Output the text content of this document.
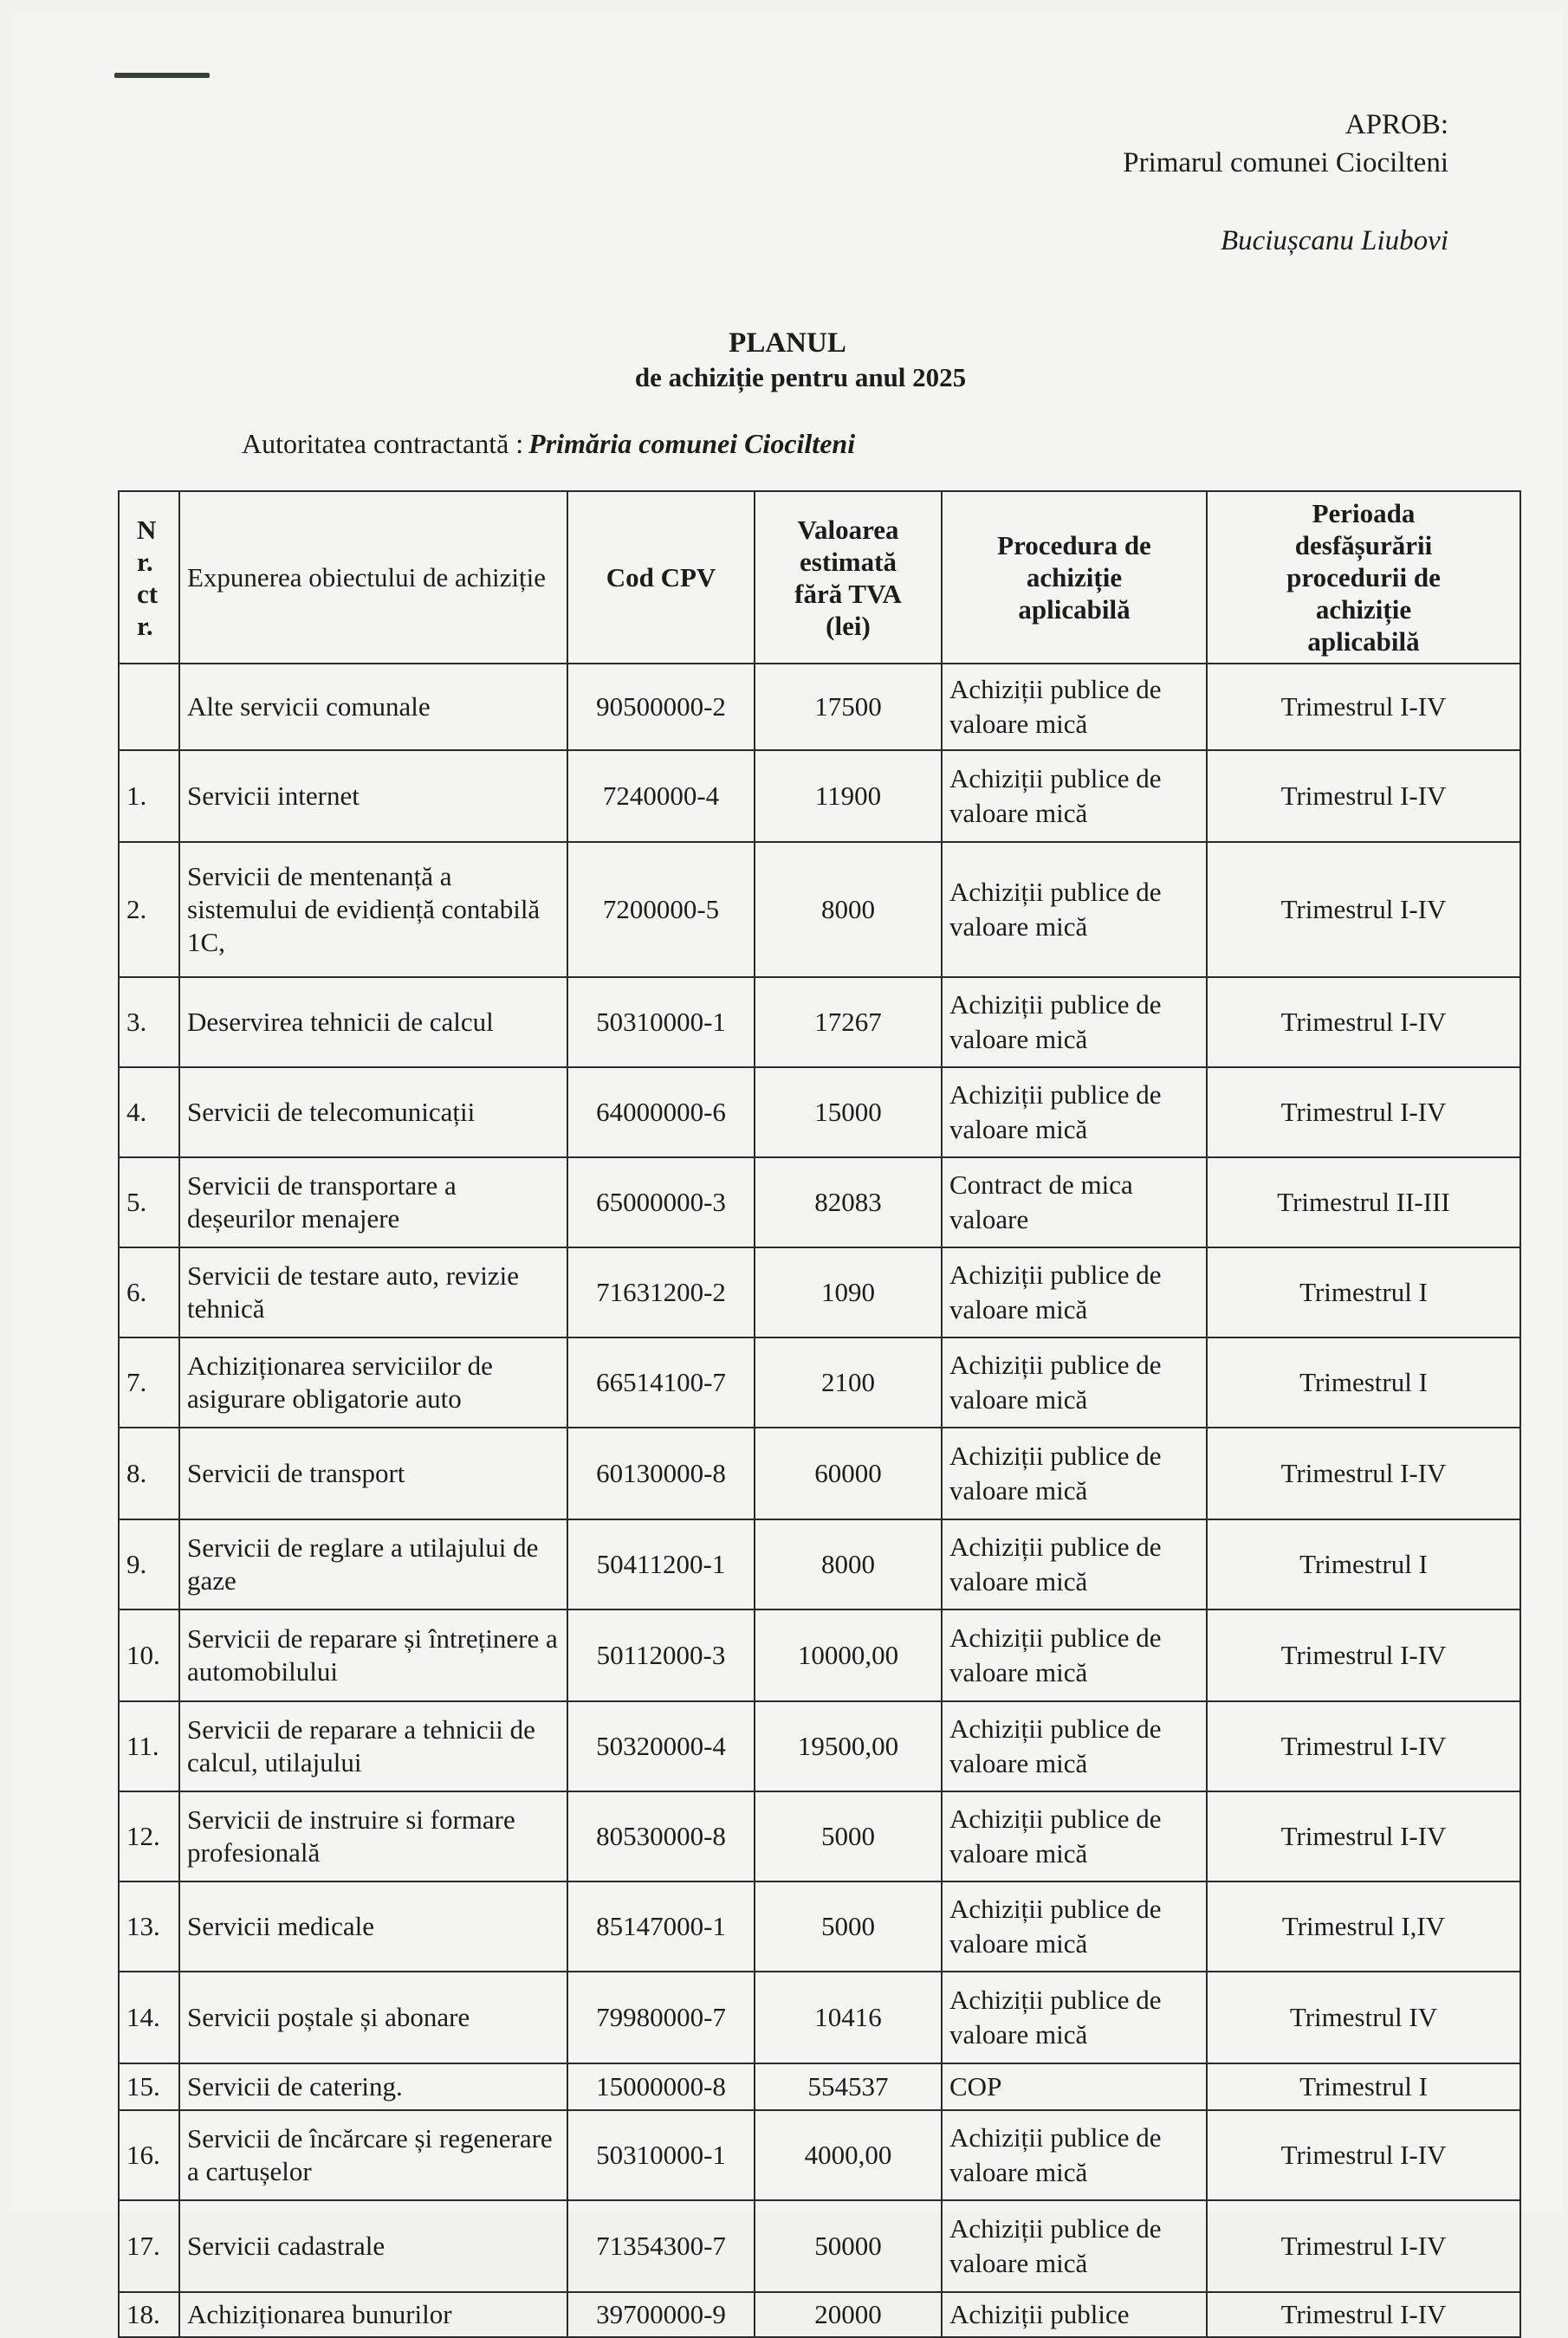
APROB:
Primarul comunei Ciocilteni
Buciușcanu Liubovi
PLANUL
de achiziție pentru anul 2025
Autoritatea contractantă : Primăria comunei Ciocilteni
N r. ct r.	Expunerea obiectului de achiziție	Cod CPV	Valoarea estimată fără TVA (lei)	Procedura de achiziție aplicabilă	Perioada desfășurării procedurii de achiziție aplicabilă
	Alte servicii comunale	90500000-2	17500	Achiziții publice de valoare mică	Trimestrul I-IV
1.	Servicii internet	7240000-4	11900	Achiziții publice de valoare mică	Trimestrul I-IV
2.	Servicii de mentenanță a sistemului de evidiență contabilă 1C,	7200000-5	8000	Achiziții publice de valoare mică	Trimestrul I-IV
3.	Deservirea tehnicii de calcul	50310000-1	17267	Achiziții publice de valoare mică	Trimestrul I-IV
4.	Servicii de telecomunicații	64000000-6	15000	Achiziții publice de valoare mică	Trimestrul I-IV
5.	Servicii de transportare a deșeurilor menajere	65000000-3	82083	Contract de mica valoare	Trimestrul II-III
6.	Servicii de testare auto, revizie tehnică	71631200-2	1090	Achiziții publice de valoare mică	Trimestrul I
7.	Achiziționarea serviciilor de asigurare obligatorie auto	66514100-7	2100	Achiziții publice de valoare mică	Trimestrul I
8.	Servicii de transport	60130000-8	60000	Achiziții publice de valoare mică	Trimestrul I-IV
9.	Servicii de reglare a utilajului de gaze	50411200-1	8000	Achiziții publice de valoare mică	Trimestrul I
10.	Servicii de reparare și întreținere a automobilului	50112000-3	10000,00	Achiziții publice de valoare mică	Trimestrul I-IV
11.	Servicii de reparare a tehnicii de calcul, utilajului	50320000-4	19500,00	Achiziții publice de valoare mică	Trimestrul I-IV
12.	Servicii de instruire si formare profesională	80530000-8	5000	Achiziții publice de valoare mică	Trimestrul I-IV
13.	Servicii medicale	85147000-1	5000	Achiziții publice de valoare mică	Trimestrul I,IV
14.	Servicii poștale și abonare	79980000-7	10416	Achiziții publice de valoare mică	Trimestrul IV
15.	Servicii de catering.	15000000-8	554537	COP	Trimestrul I
16.	Servicii de încărcare și regenerare a cartușelor	50310000-1	4000,00	Achiziții publice de valoare mică	Trimestrul I-IV
17.	Servicii cadastrale	71354300-7	50000	Achiziții publice de valoare mică	Trimestrul I-IV
18.	Achiziționarea bunurilor	39700000-9	20000	Achiziții publice	Trimestrul I-IV
